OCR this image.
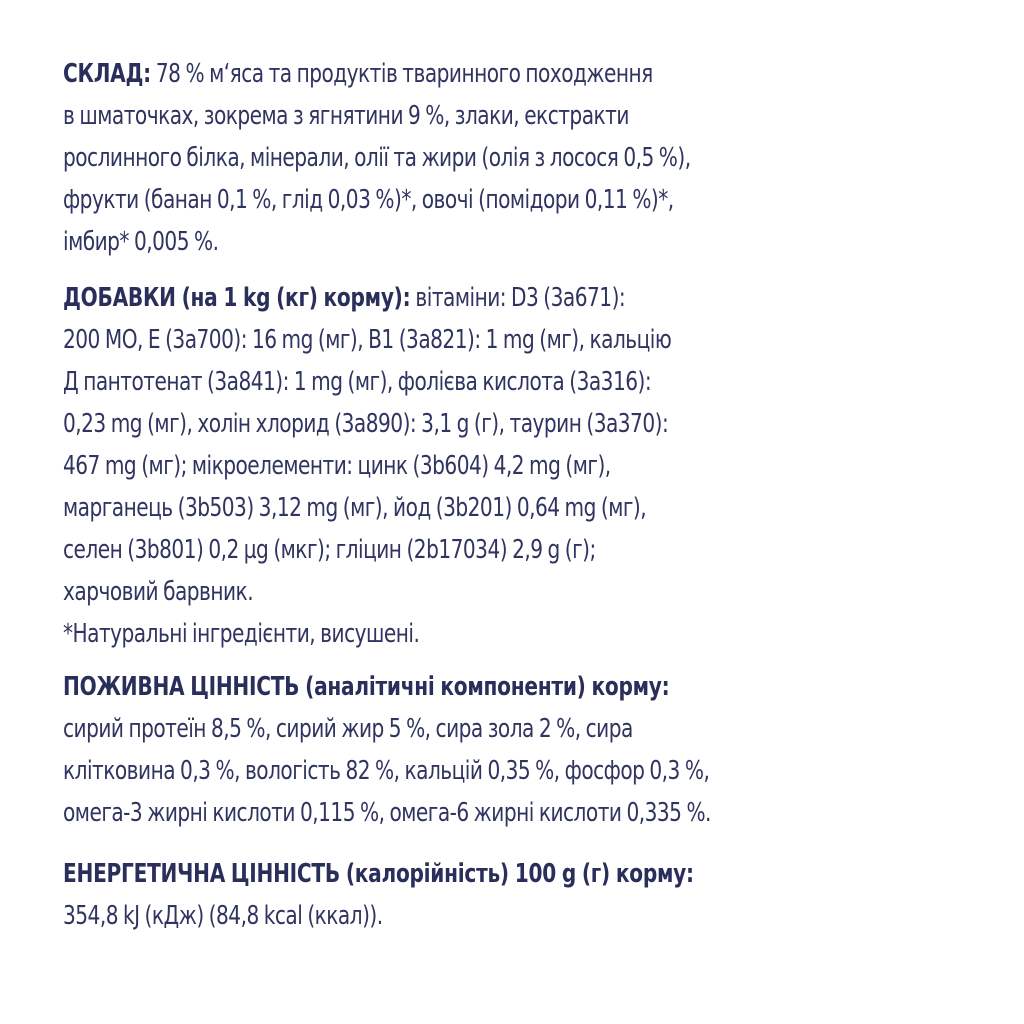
СКЛАД: 78 % м‘яса та продуктів тваринного походження
в шматочках, зокрема з ягнятини 9 %, злаки, екстракти
рослинного білка, мінерали, олії та жири (олія з лосося 0,5 %),
фрукти (банан 0,1 %, глід 0,03 %)*, овочі (помідори 0,11 %)*,
імбир* 0,005 %.
ДОБАВКИ (на 1 kg (кг) корму): вітаміни: D3 (3a671):
200 МО, Е (3a700): 16 mg (мг), B1 (3a821): 1 mg (мг), кальцію
Д пантотенат (3a841): 1 mg (мг), фолієва кислота (3a316):
0,23 mg (мг), холін хлорид (3a890): 3,1 g (г), таурин (3a370):
467 mg (мг); мікроелементи: цинк (3b604) 4,2 mg (мг),
марганець (3b503) 3,12 mg (мг), йод (3b201) 0,64 mg (мг),
селен (3b801) 0,2 µg (мкг); гліцин (2b17034) 2,9 g (г);
харчовий барвник.
*Натуральні інгредієнти, висушені.
ПОЖИВНА ЦІННІСТЬ (аналітичні компоненти) корму:
сирий протеїн 8,5 %, сирий жир 5 %, сира зола 2 %, сира
клітковина 0,3 %, вологість 82 %, кальцій 0,35 %, фосфор 0,3 %,
омега-3 жирні кислоти 0,115 %, омега-6 жирні кислоти 0,335 %.
ЕНЕРГЕТИЧНА ЦІННІСТЬ (калорійність) 100 g (г) корму:
354,8 kJ (кДж) (84,8 kcal (ккал)).
